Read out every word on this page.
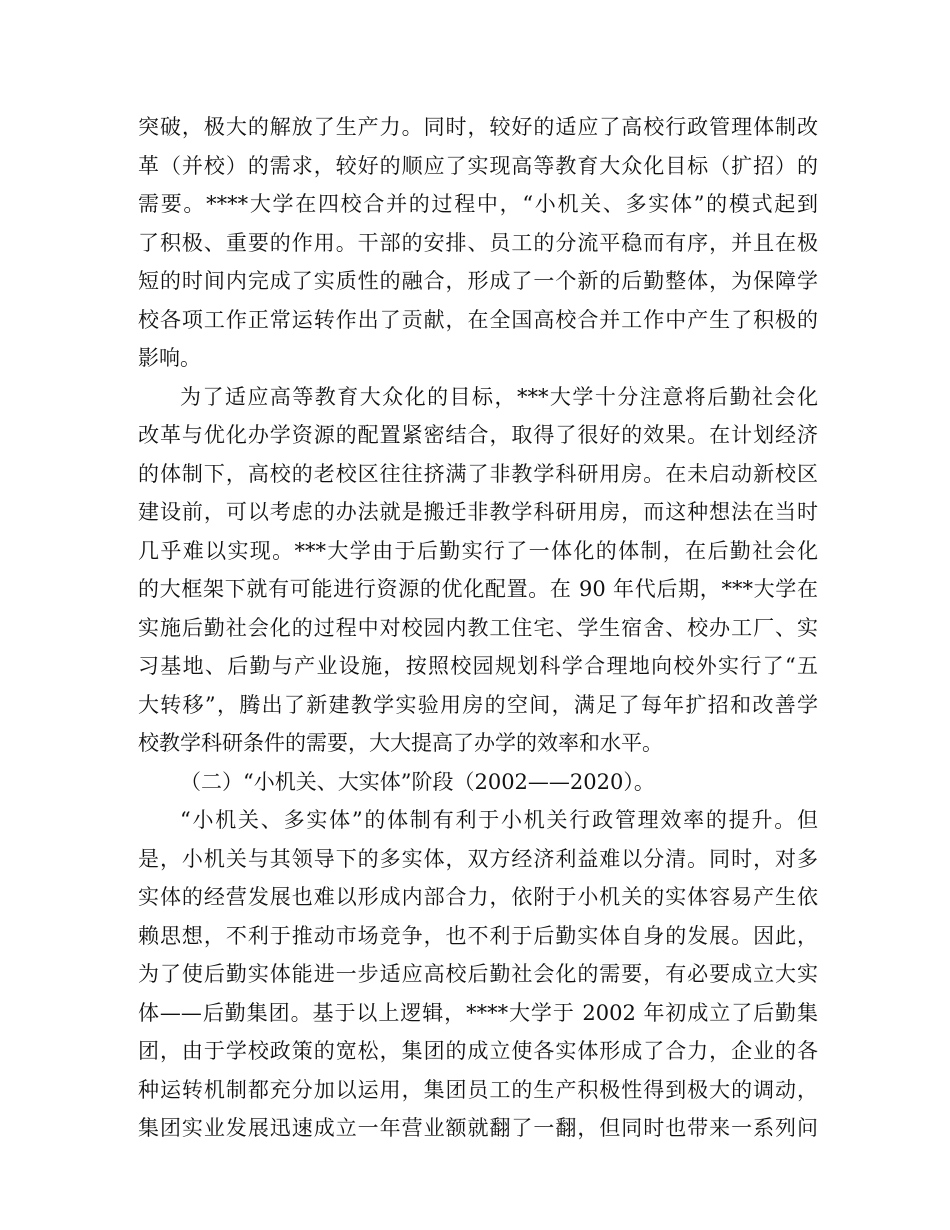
突破，极大的解放了生产力。同时，较好的适应了高校行政管理体制改
革（并校）的需求，较好的顺应了实现高等教育大众化目标（扩招）的
需要。****大学在四校合并的过程中，“小机关、多实体”的模式起到
了积极、重要的作用。干部的安排、员工的分流平稳而有序，并且在极
短的时间内完成了实质性的融合，形成了一个新的后勤整体，为保障学
校各项工作正常运转作出了贡献，在全国高校合并工作中产生了积极的
影响。
为了适应高等教育大众化的目标，***大学十分注意将后勤社会化
改革与优化办学资源的配置紧密结合，取得了很好的效果。在计划经济
的体制下，高校的老校区往往挤满了非教学科研用房。在未启动新校区
建设前，可以考虑的办法就是搬迁非教学科研用房，而这种想法在当时
几乎难以实现。***大学由于后勤实行了一体化的体制，在后勤社会化
的大框架下就有可能进行资源的优化配置。在 90 年代后期，***大学在
实施后勤社会化的过程中对校园内教工住宅、学生宿舍、校办工厂、实
习基地、后勤与产业设施，按照校园规划科学合理地向校外实行了“五
大转移”，腾出了新建教学实验用房的空间，满足了每年扩招和改善学
校教学科研条件的需要，大大提高了办学的效率和水平。
（二）“小机关、大实体”阶段（2002——2020）。
“小机关、多实体”的体制有利于小机关行政管理效率的提升。但
是，小机关与其领导下的多实体，双方经济利益难以分清。同时，对多
实体的经营发展也难以形成内部合力，依附于小机关的实体容易产生依
赖思想，不利于推动市场竞争，也不利于后勤实体自身的发展。因此，
为了使后勤实体能进一步适应高校后勤社会化的需要，有必要成立大实
体——后勤集团。基于以上逻辑，****大学于 2002 年初成立了后勤集
团，由于学校政策的宽松，集团的成立使各实体形成了合力，企业的各
种运转机制都充分加以运用，集团员工的生产积极性得到极大的调动，
集团实业发展迅速成立一年营业额就翻了一翻，但同时也带来一系列问
